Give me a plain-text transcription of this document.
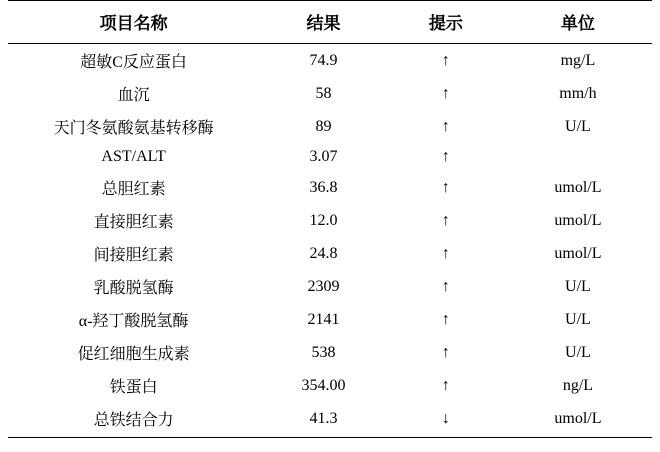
项目名称	结果	提示	单位
超敏C反应蛋白	74.9	↑	mg/L
血沉	58	↑	mm/h
天门冬氨酸氨基转移酶	89	↑	U/L
AST/ALT	3.07	↑	
总胆红素	36.8	↑	umol/L
直接胆红素	12.0	↑	umol/L
间接胆红素	24.8	↑	umol/L
乳酸脱氢酶	2309	↑	U/L
α-羟丁酸脱氢酶	2141	↑	U/L
促红细胞生成素	538	↑	U/L
铁蛋白	354.00	↑	ng/L
总铁结合力	41.3	↓	umol/L
